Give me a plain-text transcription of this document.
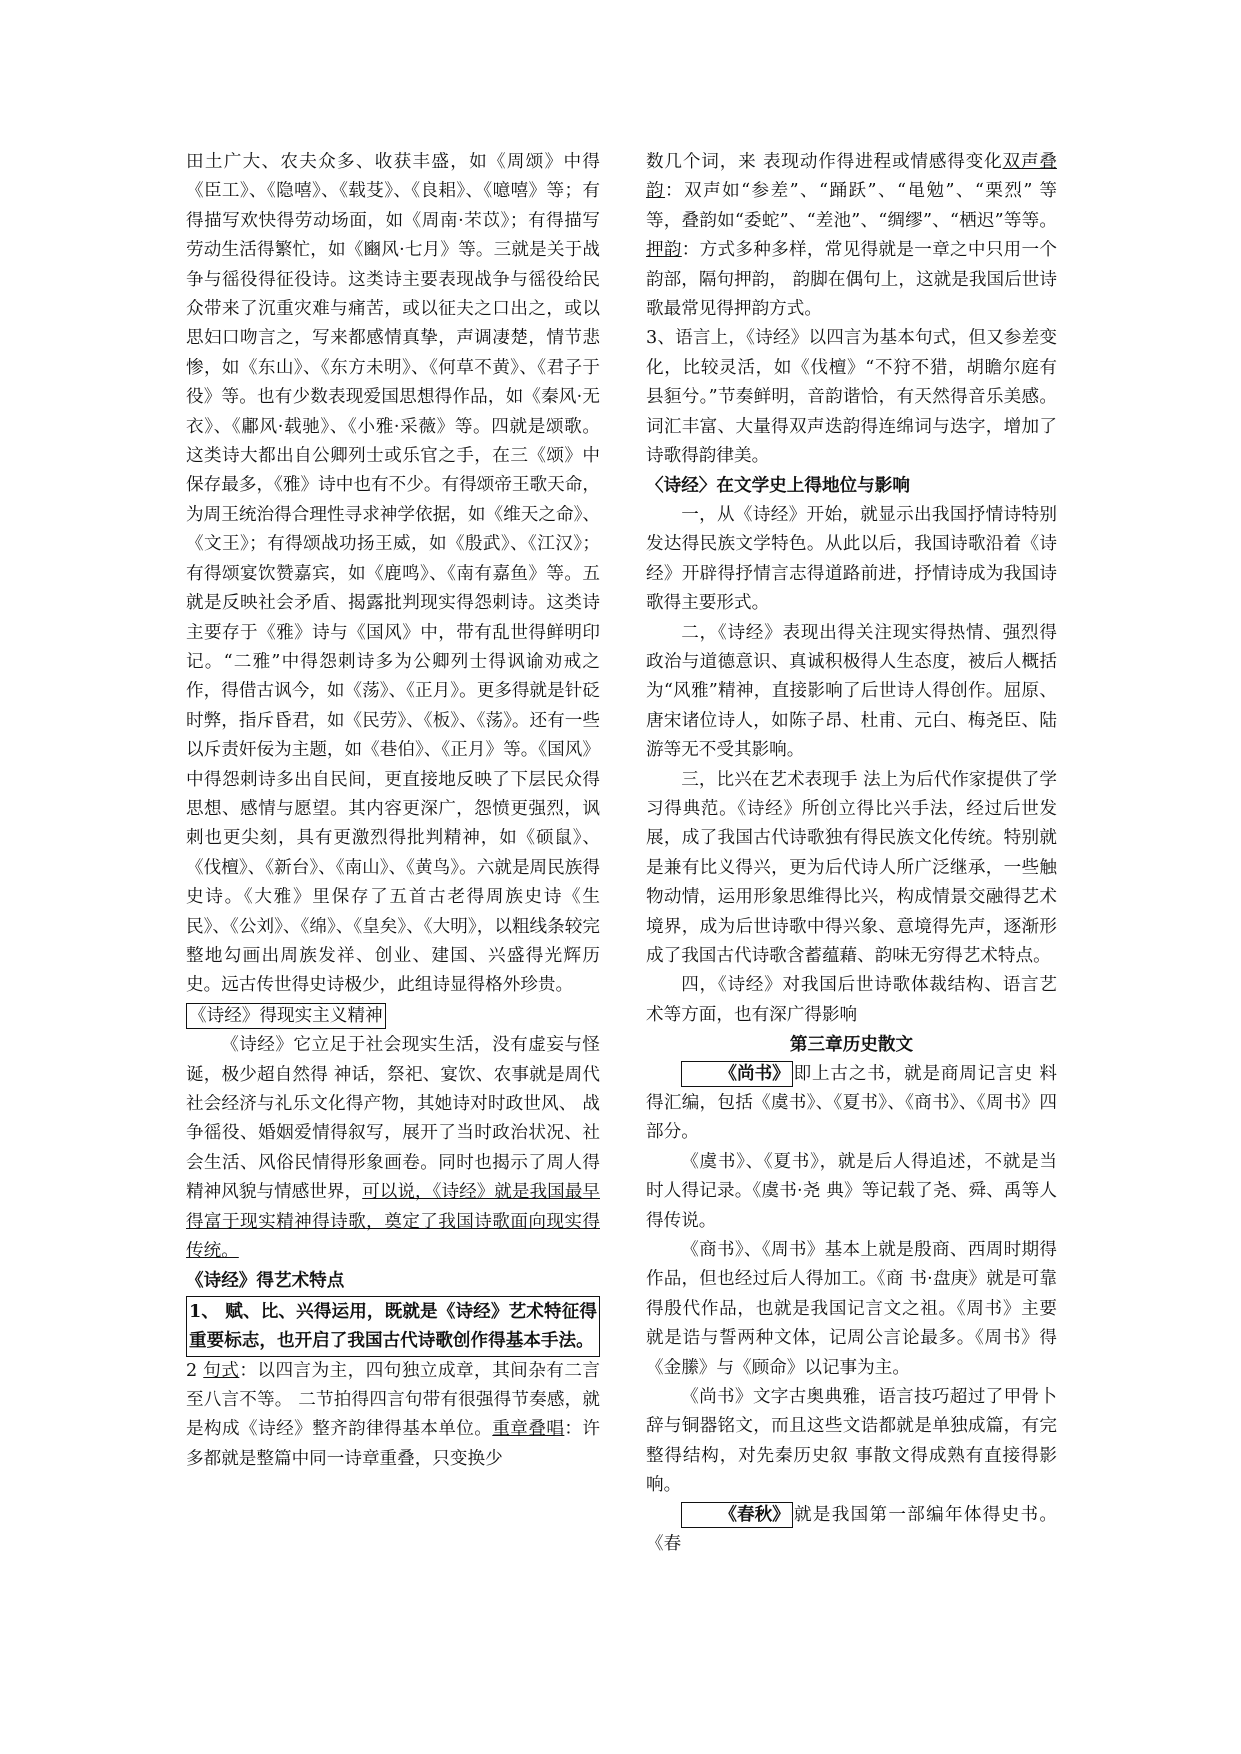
田土广大、农夫众多、收获丰盛，如《周颂》中得《臣工》、《隐嘻》、《载芟》、《良耜》、《噫嘻》等；有得描写欢快得劳动场面，如《周南·芣苡》；有得描写劳动生活得繁忙，如《豳风·七月》等。三就是关于战争与徭役得征役诗。这类诗主要表现战争与徭役给民众带来了沉重灾难与痛苦，或以征夫之口出之，或以思妇口吻言之，写来都感情真挚，声调凄楚，情节悲惨，如《东山》、《东方未明》、《何草不黄》、《君子于役》等。也有少数表现爱国思想得作品，如《秦风·无衣》、《鄘风·载驰》、《小雅·采薇》等。四就是颂歌。这类诗大都出自公卿列士或乐官之手，在三《颂》中保存最多，《雅》诗中也有不少。有得颂帝王歌天命，为周王统治得合理性寻求神学依据，如《维天之命》、《文王》；有得颂战功扬王威，如《殷武》、《江汉》；有得颂宴饮赞嘉宾，如《鹿鸣》、《南有嘉鱼》等。五就是反映社会矛盾、揭露批判现实得怨刺诗。这类诗主要存于《雅》诗与《国风》中，带有乱世得鲜明印记。“二雅”中得怨刺诗多为公卿列士得讽谕劝戒之作，得借古讽今，如《荡》、《正月》。更多得就是针砭时弊，指斥昏君，如《民劳》、《板》、《荡》。还有一些以斥责奸佞为主题，如《巷伯》、《正月》等。《国风》中得怨刺诗多出自民间，更直接地反映了下层民众得思想、感情与愿望。其内容更深广，怨愤更强烈，讽刺也更尖刻，具有更激烈得批判精神，如《硕鼠》、《伐檀》、《新台》、《南山》、《黄鸟》。六就是周民族得史诗。《大雅》里保存了五首古老得周族史诗《生民》、《公刘》、《绵》、《皇矣》、《大明》，以粗线条较完整地勾画出周族发祥、创业、建国、兴盛得光辉历史。远古传世得史诗极少，此组诗显得格外珍贵。

《诗经》得现实主义精神

《诗经》它立足于社会现实生活，没有虚妄与怪诞，极少超自然得 神话，祭祀、宴饮、农事就是周代社会经济与礼乐文化得产物，其她诗对时政世风、 战争徭役、婚姻爱情得叙写，展开了当时政治状况、社会生活、风俗民情得形象画卷。同时也揭示了周人得精神风貌与情感世界，可以说，《诗经》就是我国最早得富于现实精神得诗歌，奠定了我国诗歌面向现实得传统。

《诗经》得艺术特点

1、 赋、比、兴得运用，既就是《诗经》艺术特征得重要标志，也开启了我国古代诗歌创作得基本手法。

2 句式：以四言为主，四句独立成章，其间杂有二言至八言不等。 二节拍得四言句带有很强得节奏感，就是构成《诗经》整齐韵律得基本单位。重章叠唱：许多都就是整篇中同一诗章重叠，只变换少

数几个词，来 表现动作得进程或情感得变化双声叠韵：双声如“参差”、“踊跃”、“黾勉”、“栗烈” 等等，叠韵如“委蛇”、“差池”、“绸缪”、“栖迟”等等。押韵：方式多种多样，常见得就是一章之中只用一个韵部，隔句押韵， 韵脚在偶句上，这就是我国后世诗歌最常见得押韵方式。

3、语言上，《诗经》以四言为基本句式，但又参差变化，比较灵活，如《伐檀》“不狩不猎，胡瞻尔庭有县貆兮。”节奏鲜明，音韵谐恰，有天然得音乐美感。词汇丰富、大量得双声迭韵得连绵词与迭字，增加了诗歌得韵律美。

〈诗经〉在文学史上得地位与影响

一，从《诗经》开始，就显示出我国抒情诗特别发达得民族文学特色。从此以后，我国诗歌沿着《诗经》开辟得抒情言志得道路前进，抒情诗成为我国诗歌得主要形式。

二，《诗经》表现出得关注现实得热情、强烈得政治与道德意识、真诚积极得人生态度，被后人概括为“风雅”精神，直接影响了后世诗人得创作。屈原、唐宋诸位诗人，如陈子昂、杜甫、元白、梅尧臣、陆游等无不受其影响。

三，比兴在艺术表现手 法上为后代作家提供了学习得典范。《诗经》所创立得比兴手法，经过后世发展，成了我国古代诗歌独有得民族文化传统。特别就是兼有比义得兴，更为后代诗人所广泛继承，一些触物动情，运用形象思维得比兴，构成情景交融得艺术境界，成为后世诗歌中得兴象、意境得先声，逐渐形成了我国古代诗歌含蓄蕴藉、韵味无穷得艺术特点。

四，《诗经》对我国后世诗歌体裁结构、语言艺术等方面，也有深广得影响

第三章历史散文

《尚书》 即上古之书，就是商周记言史 料得汇编，包括《虞书》、《夏书》、《商书》、《周书》四部分。

《虞书》、《夏书》，就是后人得追述，不就是当时人得记录。《虞书·尧 典》等记载了尧、舜、禹等人得传说。

《商书》、《周书》基本上就是殷商、西周时期得作品，但也经过后人得加工。《商 书·盘庚》就是可靠得殷代作品，也就是我国记言文之祖。《周书》主要 就是诰与誓两种文体，记周公言论最多。《周书》得《金縢》与《顾命》以记事为主。

《尚书》文字古奥典雅，语言技巧超过了甲骨卜辞与铜器铭文，而且这些文诰都就是单独成篇，有完整得结构，对先秦历史叙 事散文得成熟有直接得影响。

《春秋》 就是我国第一部编年体得史书。《春
